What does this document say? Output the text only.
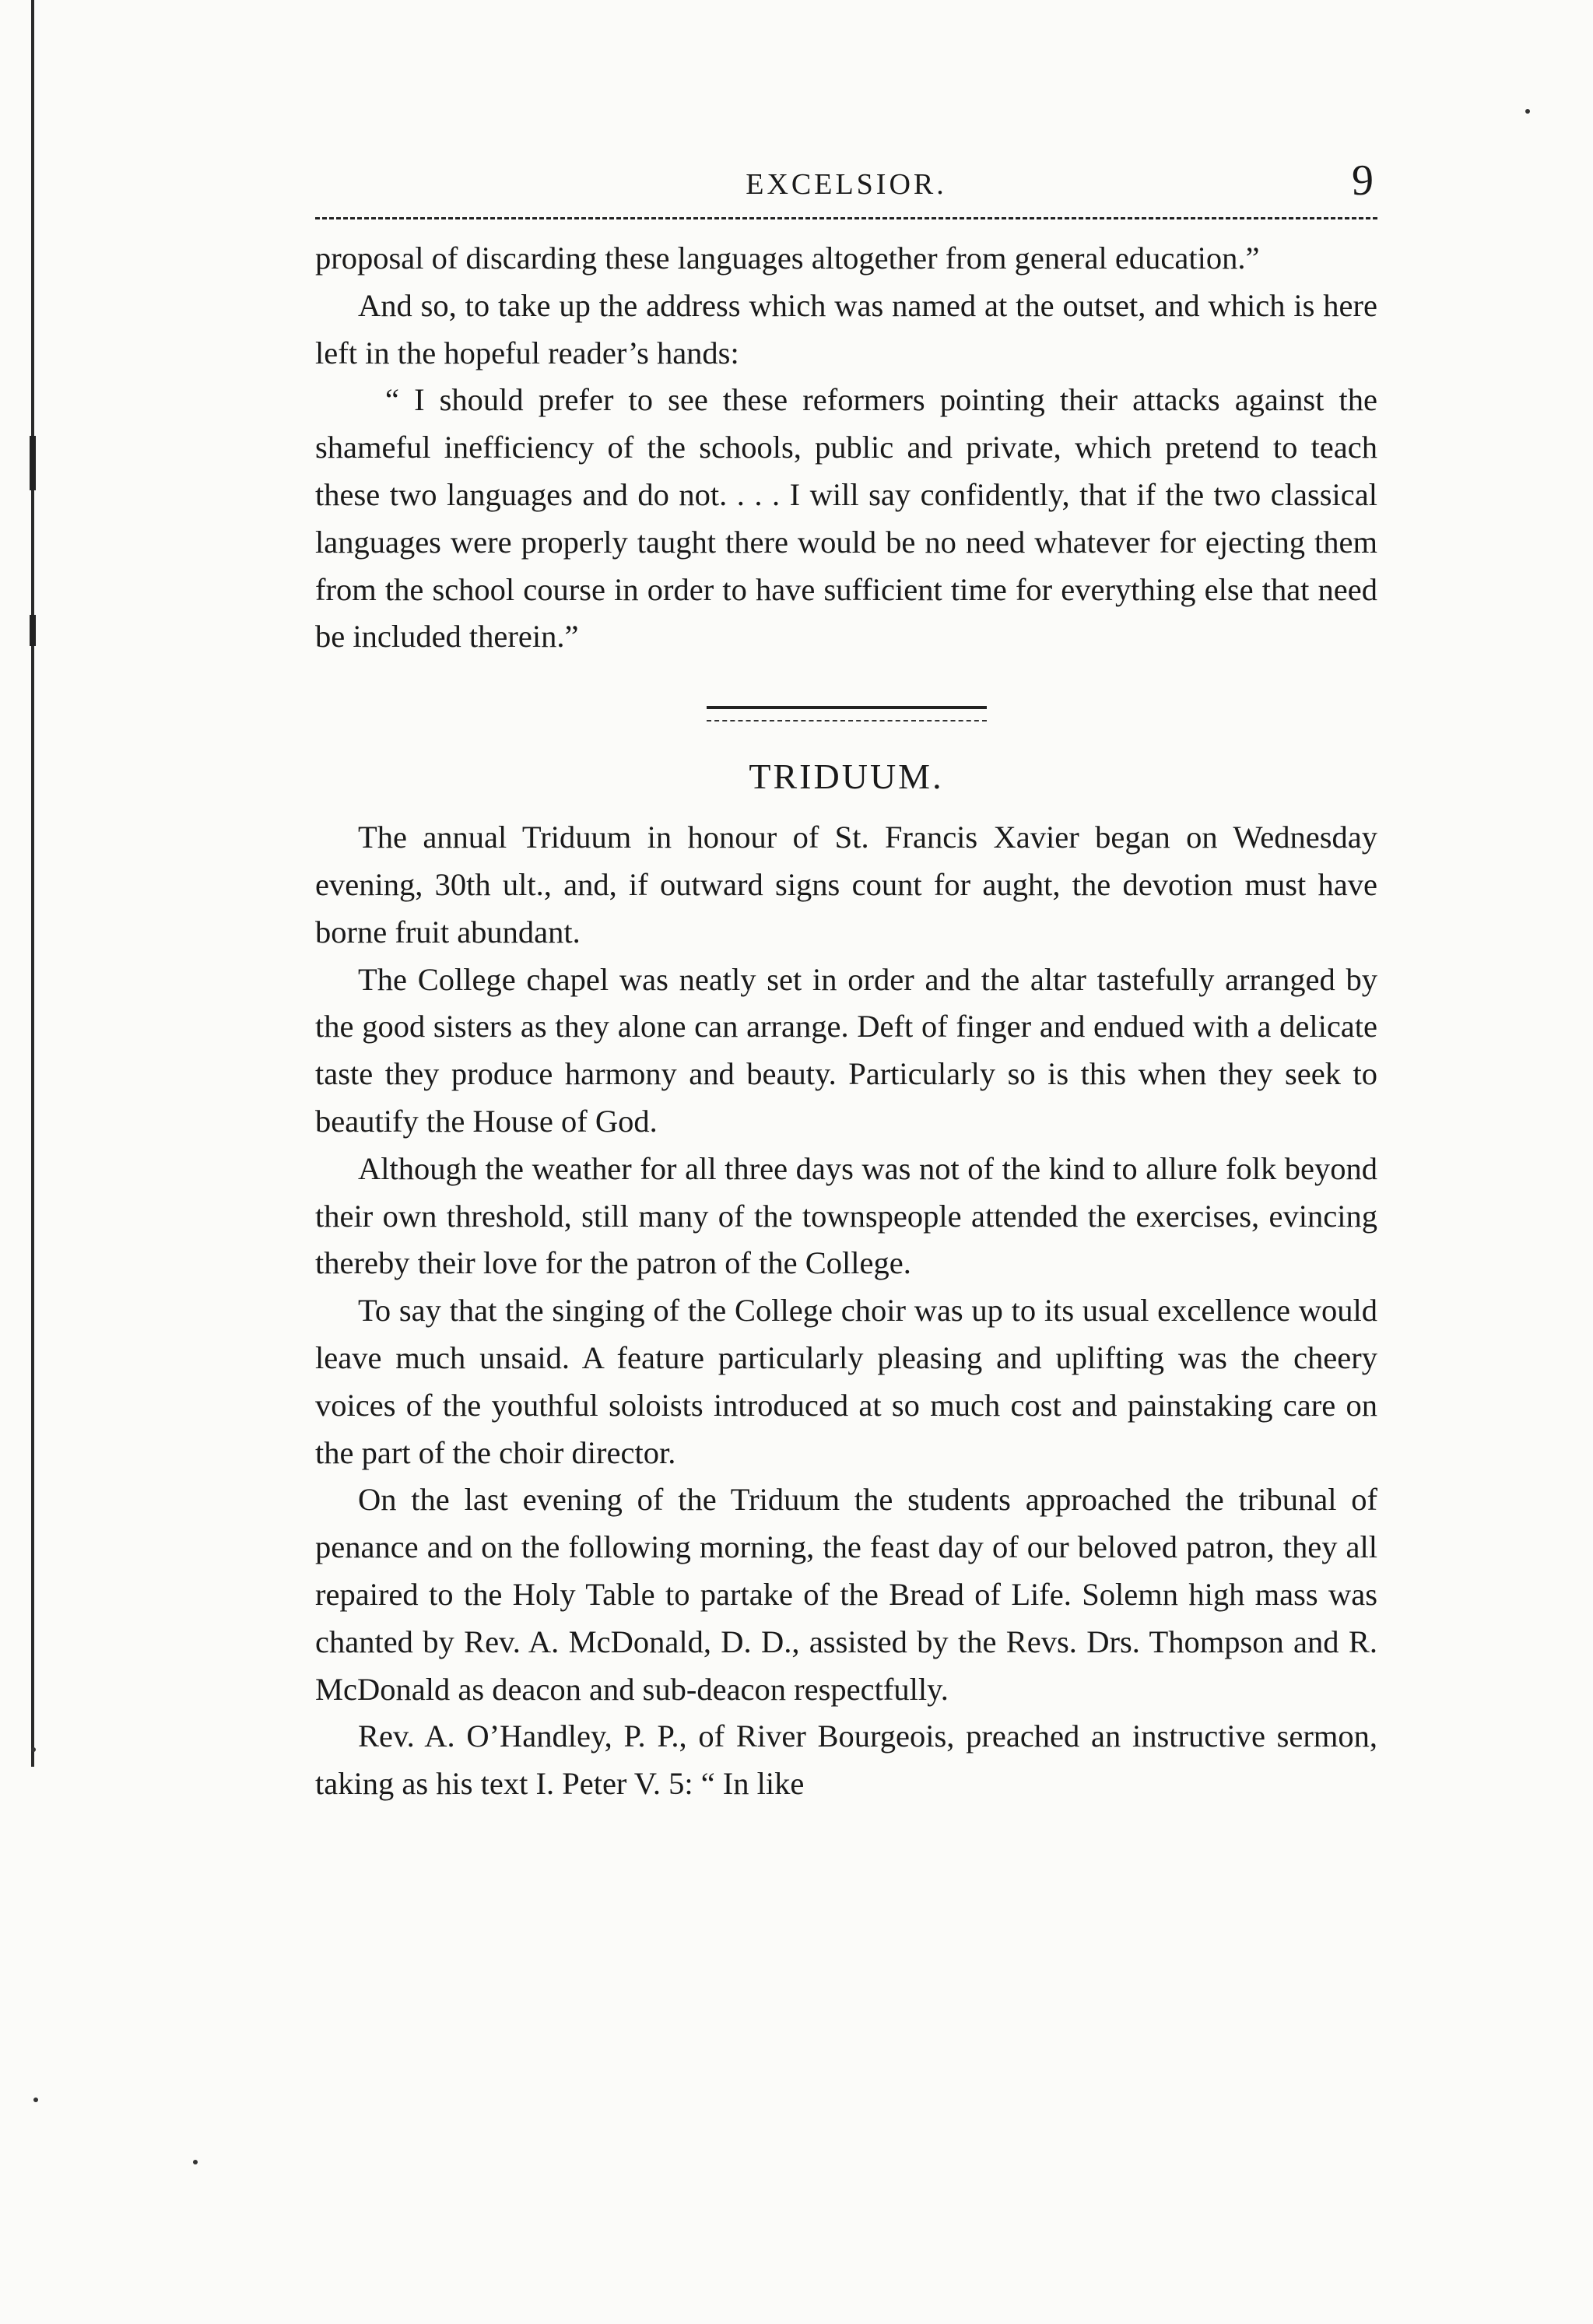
EXCELSIOR.	9

proposal of discarding these languages altogether from general education.”

And so, to take up the address which was named at the outset, and which is here left in the hopeful reader’s hands:

“ I should prefer to see these reformers pointing their attacks against the shameful inefficiency of the schools, public and private, which pretend to teach these two languages and do not. . . . I will say confidently, that if the two classical languages were properly taught there would be no need whatever for ejecting them from the school course in order to have sufficient time for everything else that need be included therein.”

TRIDUUM.

The annual Triduum in honour of St. Francis Xavier began on Wednesday evening, 30th ult., and, if outward signs count for aught, the devotion must have borne fruit abundant.

The College chapel was neatly set in order and the altar tastefully arranged by the good sisters as they alone can arrange. Deft of finger and endued with a delicate taste they produce harmony and beauty. Particularly so is this when they seek to beautify the House of God.

Although the weather for all three days was not of the kind to allure folk beyond their own threshold, still many of the townspeople attended the exercises, evincing thereby their love for the patron of the College.

To say that the singing of the College choir was up to its usual excellence would leave much unsaid. A feature particularly pleasing and uplifting was the cheery voices of the youthful soloists introduced at so much cost and painstaking care on the part of the choir director.

On the last evening of the Triduum the students approached the tribunal of penance and on the following morning, the feast day of our beloved patron, they all repaired to the Holy Table to partake of the Bread of Life. Solemn high mass was chanted by Rev. A. McDonald, D. D., assisted by the Revs. Drs. Thompson and R. McDonald as deacon and sub-deacon respectfully.

Rev. A. O’Handley, P. P., of River Bourgeois, preached an instructive sermon, taking as his text I. Peter V. 5: “ In like
